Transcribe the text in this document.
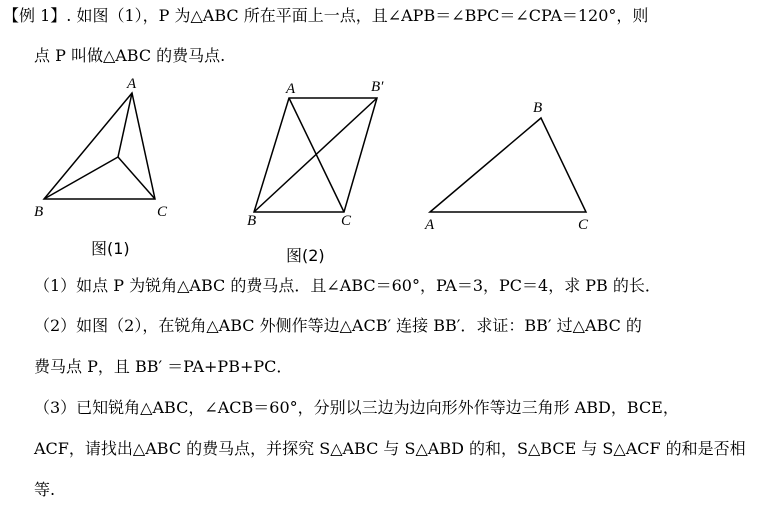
【例 1】. 如图（1），P 为△ABC 所在平面上一点，且∠APB＝∠BPC＝∠CPA＝120°，则
点 P 叫做△ABC 的费马点.
A
B	C
A	B′
B	C	A
B
C
图(1)	图(2)
（1）如点 P 为锐角△ABC 的费马点．且∠ABC＝60°，PA＝3，PC＝4，求 PB 的长．
（2）如图（2），在锐角△ABC 外侧作等边△ACB′ 连接 BB′．求证：BB′ 过△ABC 的
费马点 P，且 BB′ ＝PA+PB+PC．
（3）已知锐角△ABC，∠ACB＝60°，分别以三边为边向形外作等边三角形 ABD，BCE，
ACF，请找出△ABC 的费马点，并探究 S△ABC 与 S△ABD 的和，S△BCE 与 S△ACF 的和是否相
等.
